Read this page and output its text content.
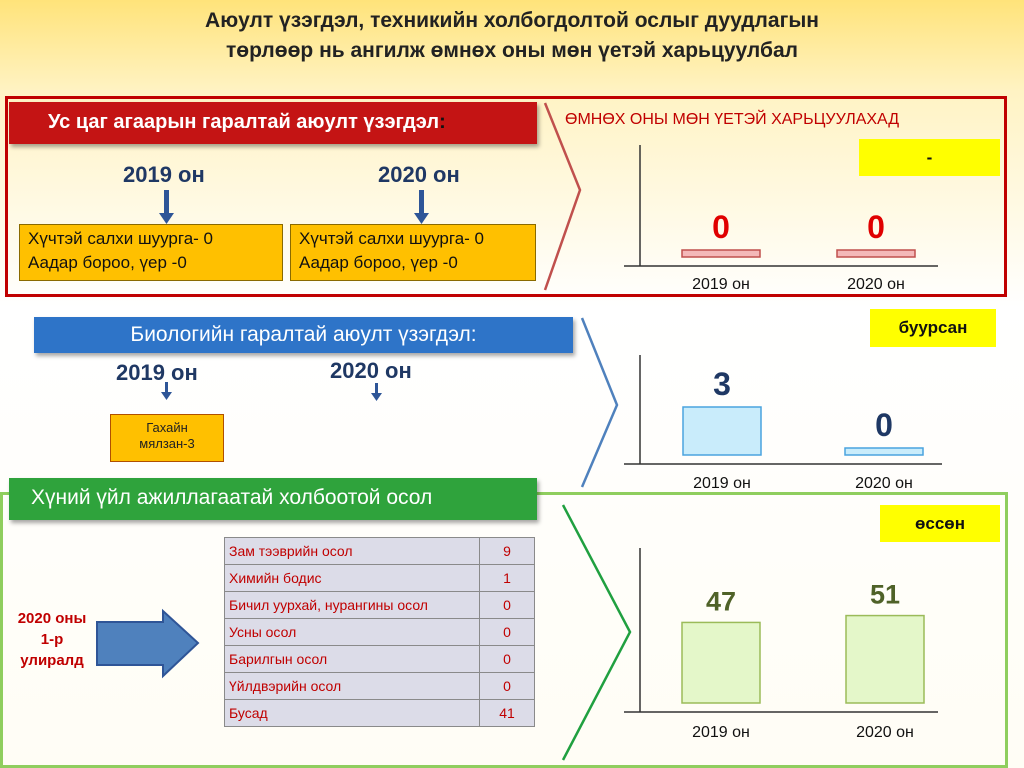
Аюулт үзэгдэл, техникийн холбогдолтой ослыг дуудлагын
төрлөөр нь ангилж өмнөх оны мөн үетэй харьцуулбал
Ус цаг агаарын гаралтай аюулт үзэгдэл:
2019 он	2020 он
Хүчтэй салхи шуурга- 0
Аадар бороо, үер -0
Хүчтэй салхи шуурга- 0
Аадар бороо, үер -0
ӨМНӨХ ОНЫ МӨН ҮЕТЭЙ ХАРЬЦУУЛАХАД
-
Биологийн гаралтай аюулт үзэгдэл:
2019 он	2020 он
Гахайн
мялзан-3
буурсан
Хүний үйл ажиллагаатай холбоотой осол
2020 оны
1-р
улиралд
Зам тээврийн осол	9
Химийн бодис	1
Бичил уурхай, нурангины осол	0
Усны осол	0
Барилгын осол	0
Үйлдвэрийн осол	0
Бусад	41
өссөн
0
2019 он
0
2020 он
3
2019 он
0
2020 он
47
2019 он
51
2020 он
